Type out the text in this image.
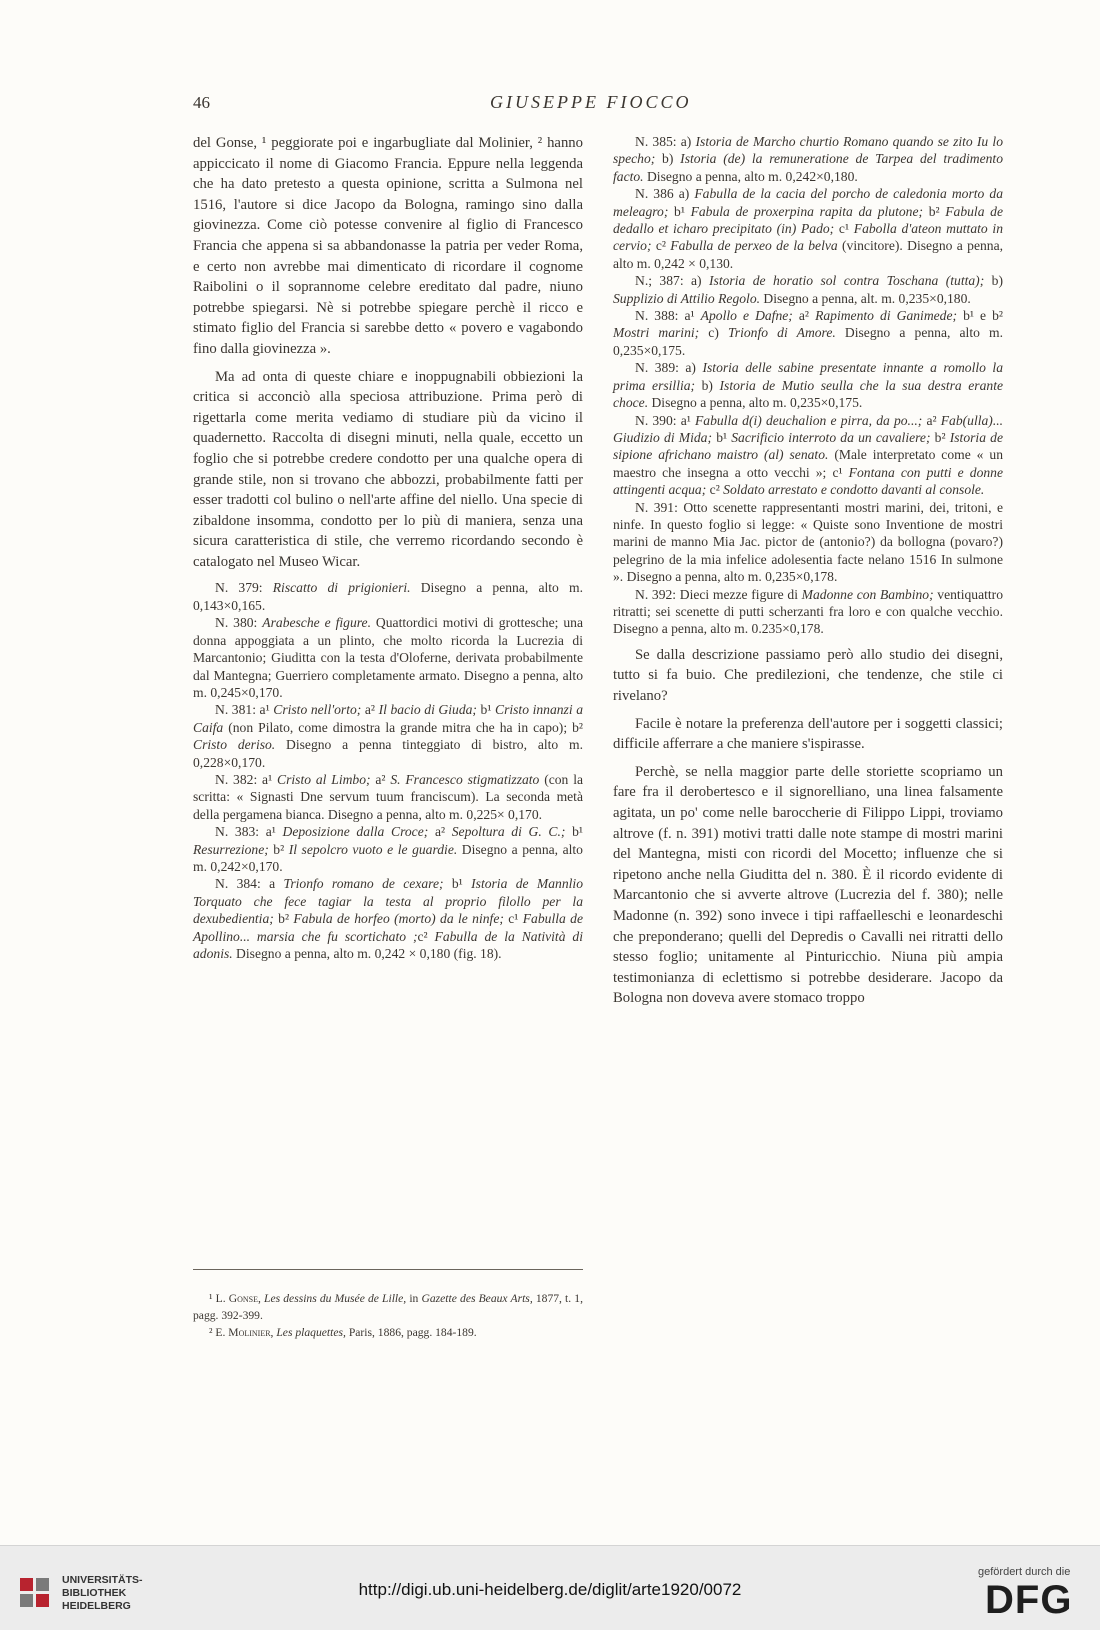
46	GIUSEPPE FIOCCO

del Gonse, ¹ peggiorate poi e ingarbugliate dal Molinier, ² hanno appiccicato il nome di Giacomo Francia. Eppure nella leggenda che ha dato pretesto a questa opinione, scritta a Sulmona nel 1516, l'autore si dice Jacopo da Bologna, ramingo sino dalla giovinezza. Come ciò potesse convenire al figlio di Francesco Francia che appena si sa abbandonasse la patria per veder Roma, e certo non avrebbe mai dimenticato di ricordare il cognome Raibolini o il soprannome celebre ereditato dal padre, niuno potrebbe spiegarsi. Nè si potrebbe spiegare perchè il ricco e stimato figlio del Francia si sarebbe detto « povero e vagabondo fino dalla giovinezza ».

Ma ad onta di queste chiare e inoppugnabili obbiezioni la critica si acconciò alla speciosa attribuzione. Prima però di rigettarla come merita vediamo di studiare più da vicino il quadernetto. Raccolta di disegni minuti, nella quale, eccetto un foglio che si potrebbe credere condotto per una qualche opera di grande stile, non si trovano che abbozzi, probabilmente fatti per esser tradotti col bulino o nell'arte affine del niello. Una specie di zibaldone insomma, condotto per lo più di maniera, senza una sicura caratteristica di stile, che verremo ricordando secondo è catalogato nel Museo Wicar.

N. 379: Riscatto di prigionieri. Disegno a penna, alto m. 0,143×0,165.

N. 380: Arabesche e figure. Quattordici motivi di grottesche; una donna appoggiata a un plinto, che molto ricorda la Lucrezia di Marcantonio; Giuditta con la testa d'Oloferne, derivata probabilmente dal Mantegna; Guerriero completamente armato. Disegno a penna, alto m. 0,245×0,170.

N. 381: a¹ Cristo nell'orto; a² Il bacio di Giuda; b¹ Cristo innanzi a Caifa (non Pilato, come dimostra la grande mitra che ha in capo); b² Cristo deriso. Disegno a penna tinteggiato di bistro, alto m. 0,228×0,170.

N. 382: a¹ Cristo al Limbo; a² S. Francesco stigmatizzato (con la scritta: « Signasti Dne servum tuum franciscum). La seconda metà della pergamena bianca. Disegno a penna, alto m. 0,225× 0,170.

N. 383: a¹ Deposizione dalla Croce; a² Sepoltura di G. C.; b¹ Resurrezione; b² Il sepolcro vuoto e le guardie. Disegno a penna, alto m. 0,242×0,170.

N. 384: a Trionfo romano de cexare; b¹ Istoria de Mannlio Torquato che fece tagiar la testa al proprio filollo per la dexubedientia; b² Fabula de horfeo (morto) da le ninfe; c¹ Fabulla de Apollino... marsia che fu scortichato ;c² Fabulla de la Natività di adonis. Disegno a penna, alto m. 0,242 × 0,180 (fig. 18).

¹ L. Gonse, Les dessins du Musée de Lille, in Gazette des Beaux Arts, 1877, t. 1, pagg. 392-399.

² E. Molinier, Les plaquettes, Paris, 1886, pagg. 184-189.

N. 385: a) Istoria de Marcho churtio Romano quando se zito Iu lo specho; b) Istoria (de) la remuneratione de Tarpea del tradimento facto. Disegno a penna, alto m. 0,242×0,180.

N. 386 a) Fabulla de la cacia del porcho de caledonia morto da meleagro; b¹ Fabula de proxerpina rapita da plutone; b² Fabula de dedallo et icharo precipitato (in) Pado; c¹ Fabolla d'ateon muttato in cervio; c² Fabulla de perxeo de la belva (vincitore). Disegno a penna, alto m. 0,242 × 0,130.

N.; 387: a) Istoria de horatio sol contra Toschana (tutta); b) Supplizio di Attilio Regolo. Disegno a penna, alt. m. 0,235×0,180.

N. 388: a¹ Apollo e Dafne; a² Rapimento di Ganimede; b¹ e b² Mostri marini; c) Trionfo di Amore. Disegno a penna, alto m. 0,235×0,175.

N. 389: a) Istoria delle sabine presentate innante a romollo la prima ersillia; b) Istoria de Mutio seulla che la sua destra erante choce. Disegno a penna, alto m. 0,235×0,175.

N. 390: a¹ Fabulla d(i) deuchalion e pirra, da po...; a² Fab(ulla)... Giudizio di Mida; b¹ Sacrificio interroto da un cavaliere; b² Istoria de sipione africhano maistro (al) senato. (Male interpretato come « un maestro che insegna a otto vecchi »; c¹ Fontana con putti e donne attingenti acqua; c² Soldato arrestato e condotto davanti al console.

N. 391: Otto scenette rappresentanti mostri marini, dei, tritoni, e ninfe. In questo foglio si legge: « Quiste sono Inventione de mostri marini de manno Mia Jac. pictor de (antonio?) da bollogna (povaro?) pelegrino de la mia infelice adolesentia facte nelano 1516 In sulmone ». Disegno a penna, alto m. 0,235×0,178.

N. 392: Dieci mezze figure di Madonne con Bambino; ventiquattro ritratti; sei scenette di putti scherzanti fra loro e con qualche vecchio. Disegno a penna, alto m. 0.235×0,178.

Se dalla descrizione passiamo però allo studio dei disegni, tutto si fa buio. Che predilezioni, che tendenze, che stile ci rivelano?

Facile è notare la preferenza dell'autore per i soggetti classici; difficile afferrare a che maniere s'ispirasse.

Perchè, se nella maggior parte delle storiette scopriamo un fare fra il derobertesco e il signorelliano, una linea falsamente agitata, un po' come nelle baroccherie di Filippo Lippi, troviamo altrove (f. n. 391) motivi tratti dalle note stampe di mostri marini del Mantegna, misti con ricordi del Mocetto; influenze che si ripetono anche nella Giuditta del n. 380. È il ricordo evidente di Marcantonio che si avverte altrove (Lucrezia del f. 380); nelle Madonne (n. 392) sono invece i tipi raffaelleschi e leonardeschi che preponderano; quelli del Depredis o Cavalli nei ritratti dello stesso foglio; unitamente al Pinturicchio. Niuna più ampia testimonianza di eclettismo si potrebbe desiderare. Jacopo da Bologna non doveva avere stomaco troppo

UNIVERSITÄTS-
BIBLIOTHEK
HEIDELBERG
http://digi.ub.uni-heidelberg.de/diglit/arte1920/0072
gefördert durch die
DFG
